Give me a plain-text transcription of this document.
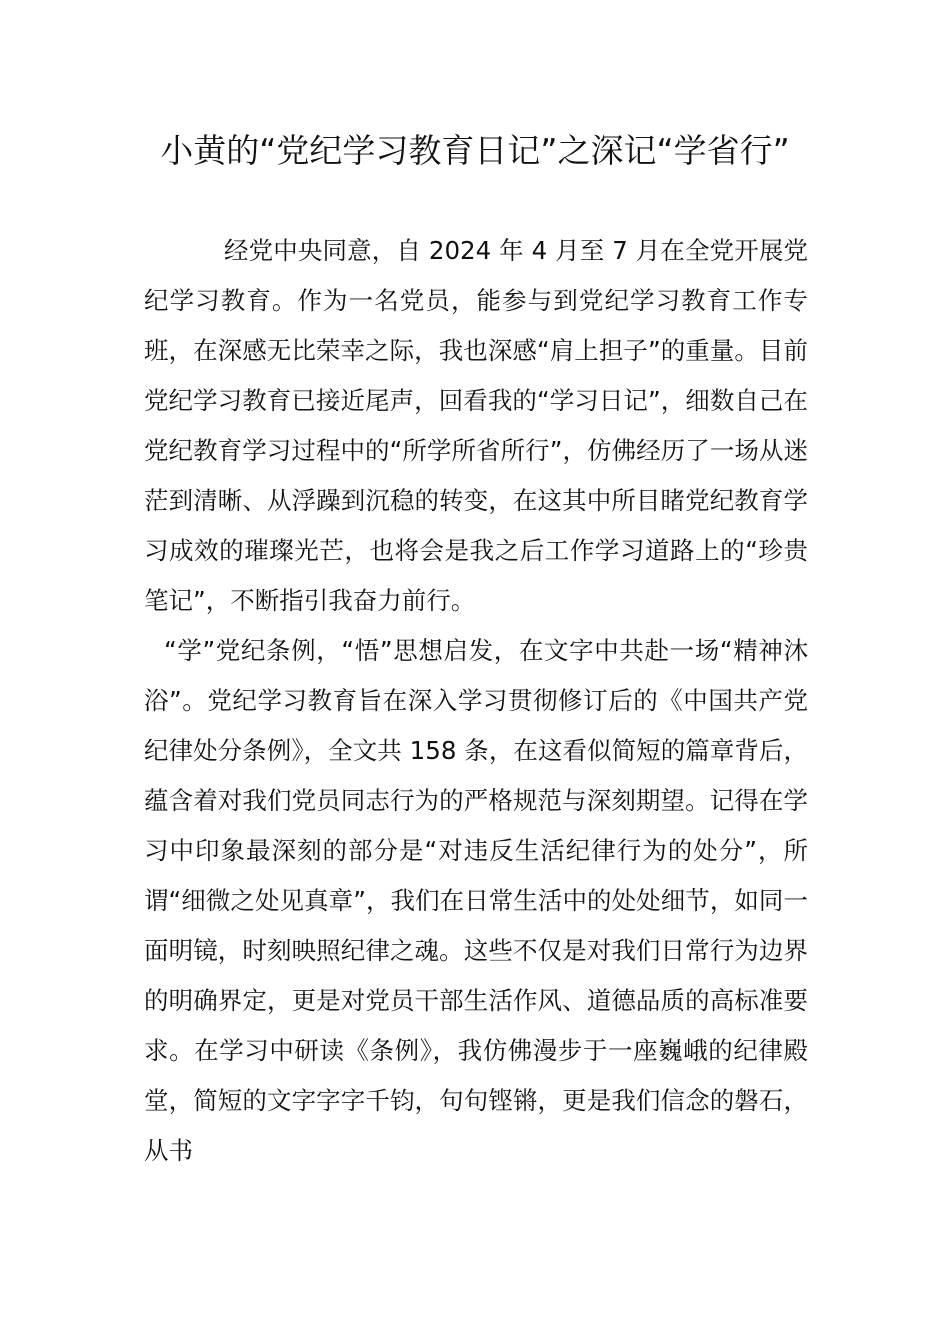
小黄的“党纪学习教育日记”之深记“学省行”

经党中央同意，自 2024 年 4 月至 7 月在全党开展党纪学习教育。作为一名党员，能参与到党纪学习教育工作专班，在深感无比荣幸之际，我也深感“肩上担子”的重量。目前党纪学习教育已接近尾声，回看我的“学习日记”，细数自己在党纪教育学习过程中的“所学所省所行”，仿佛经历了一场从迷茫到清晰、从浮躁到沉稳的转变，在这其中所目睹党纪教育学习成效的璀璨光芒，也将会是我之后工作学习道路上的“珍贵笔记”，不断指引我奋力前行。

“学”党纪条例，“悟”思想启发，在文字中共赴一场“精神沐浴”。党纪学习教育旨在深入学习贯彻修订后的《中国共产党纪律处分条例》，全文共 158 条，在这看似简短的篇章背后，蕴含着对我们党员同志行为的严格规范与深刻期望。记得在学习中印象最深刻的部分是“对违反生活纪律行为的处分”，所谓“细微之处见真章”，我们在日常生活中的处处细节，如同一面明镜，时刻映照纪律之魂。这些不仅是对我们日常行为边界的明确界定，更是对党员干部生活作风、道德品质的高标准要求。在学习中研读《条例》，我仿佛漫步于一座巍峨的纪律殿堂，简短的文字字字千钧，句句铿锵，更是我们信念的磐石，从书
